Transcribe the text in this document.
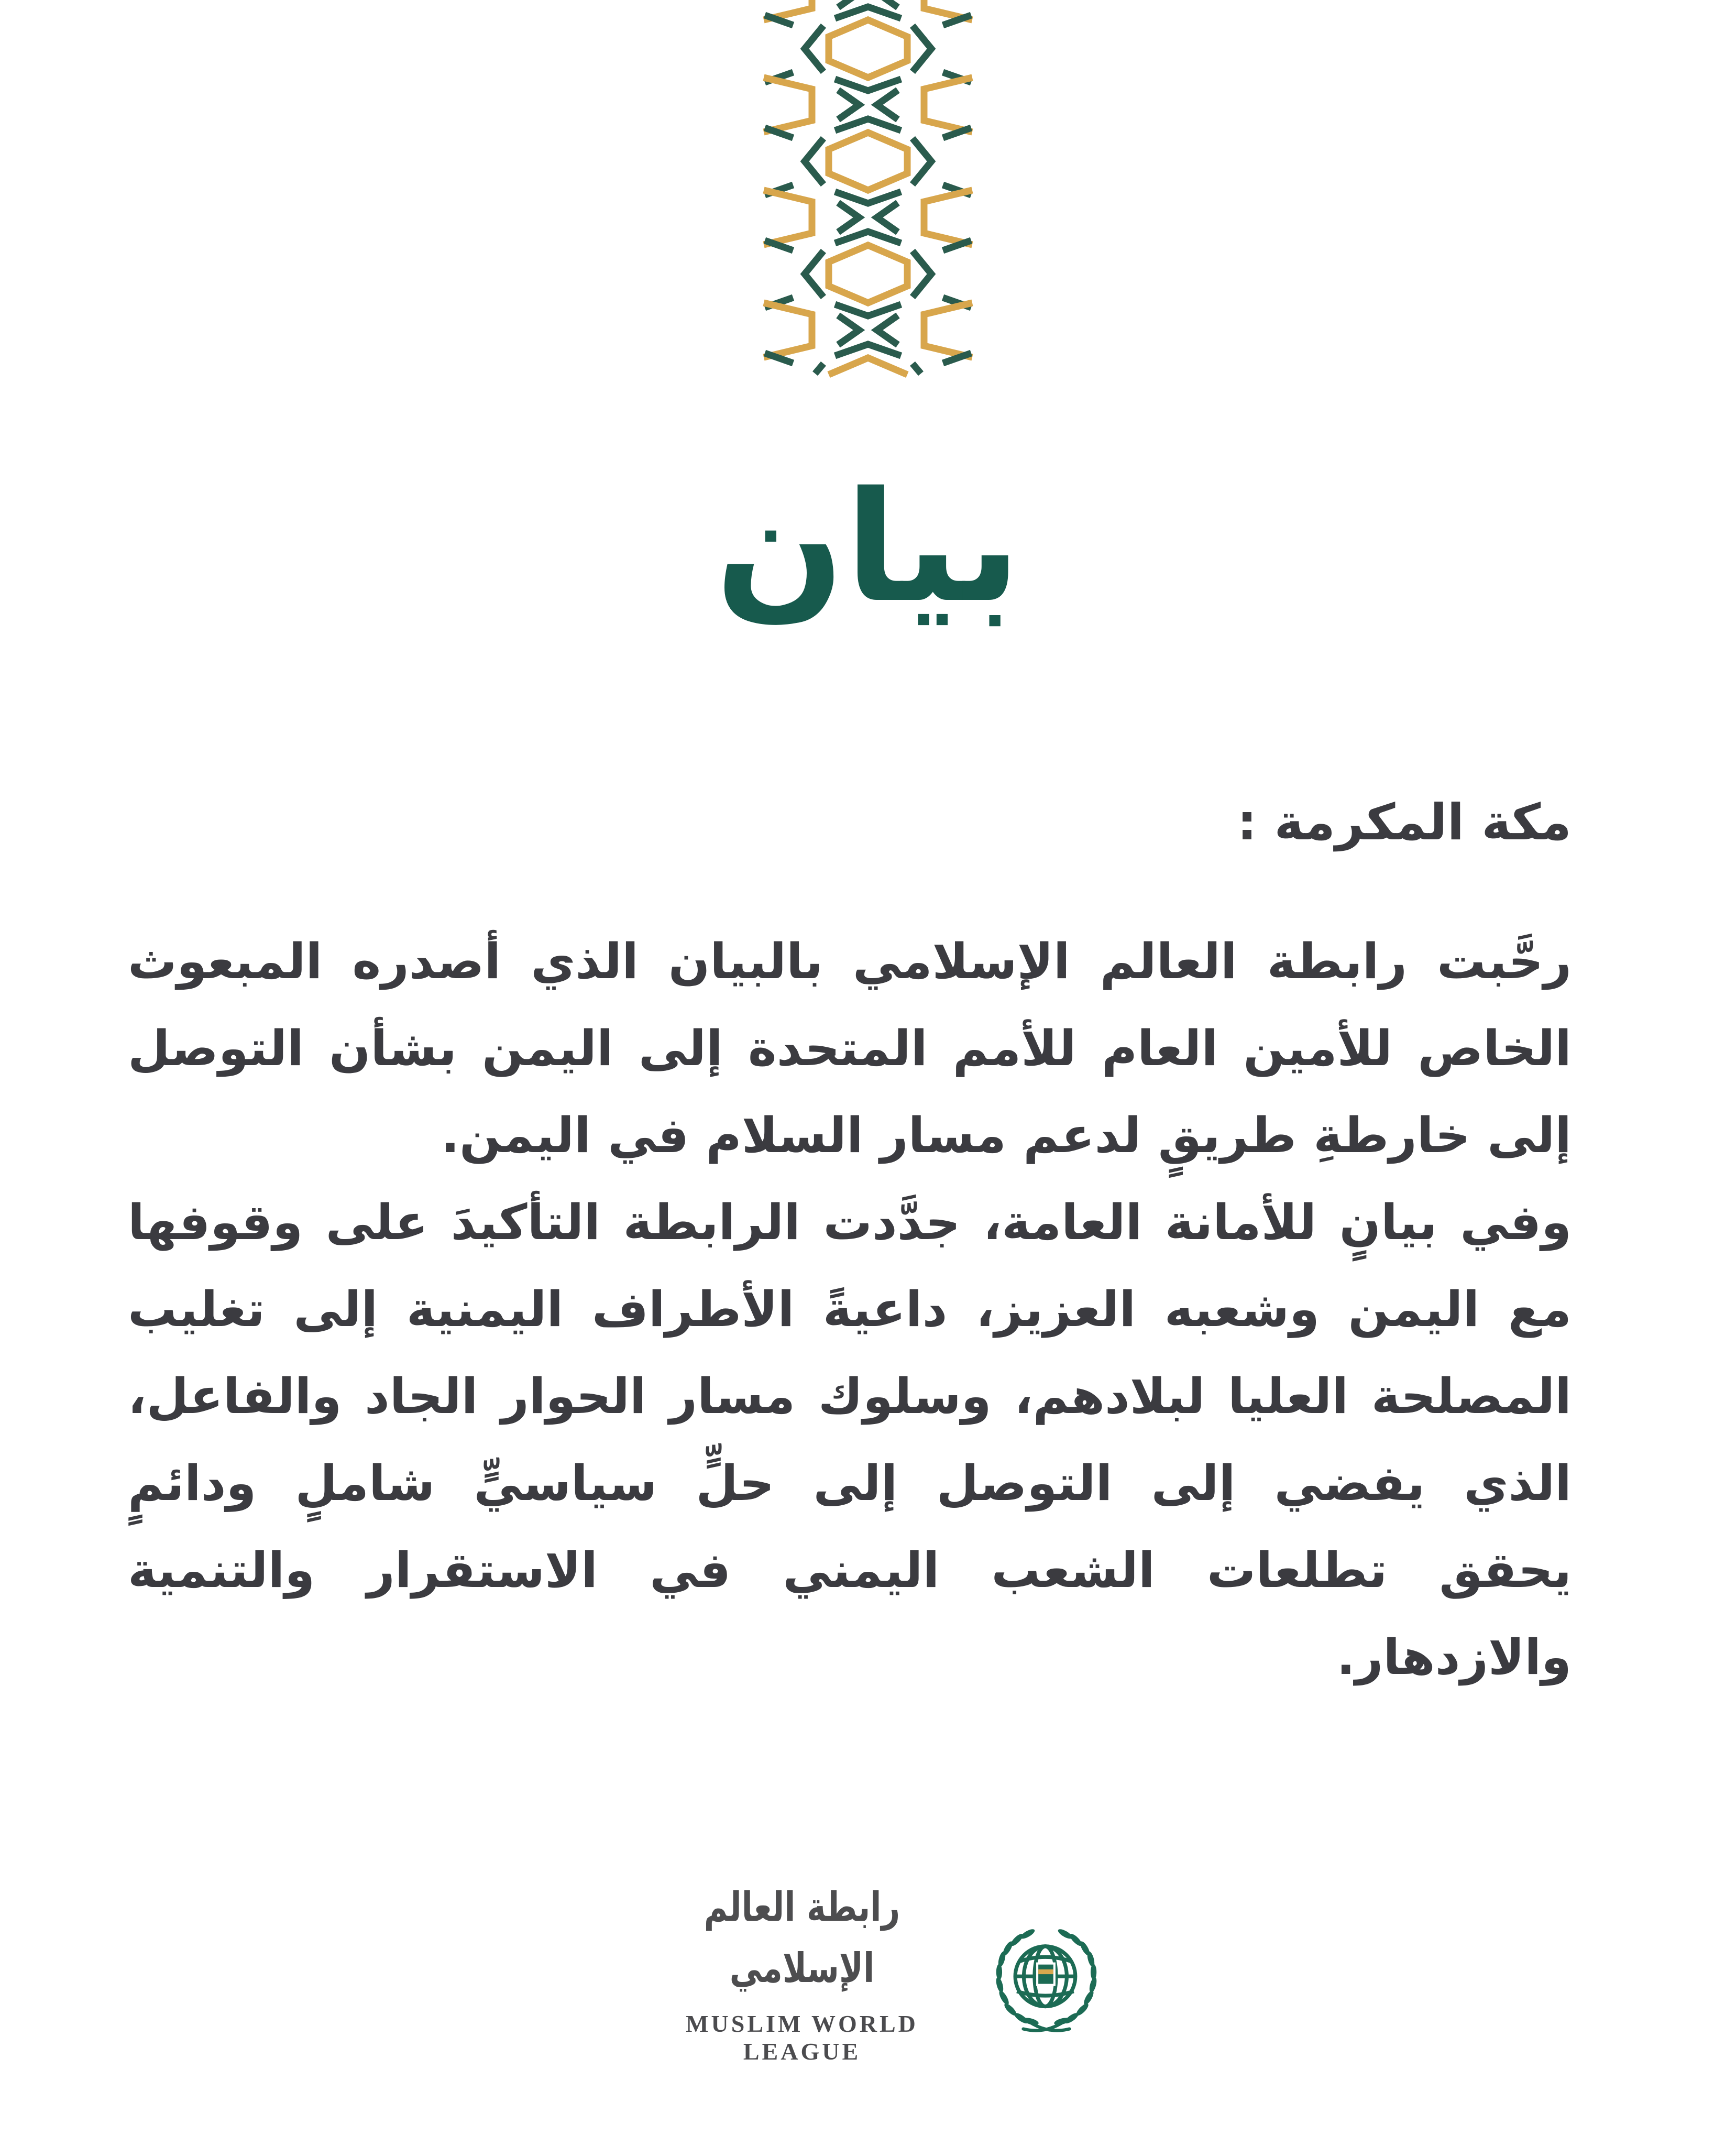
بيان
مكة المكرمة :
رحَّبت رابطة العالم الإسلامي بالبيان الذي أصدره المبعوث
الخاص للأمين العام للأمم المتحدة إلى اليمن بشأن التوصل
إلى خارطةِ طريقٍ لدعم مسار السلام في اليمن.
وفي بيانٍ للأمانة العامة، جدَّدت الرابطة التأكيدَ على وقوفها
مع اليمن وشعبه العزيز، داعيةً الأطراف اليمنية إلى تغليب
المصلحة العليا لبلادهم، وسلوك مسار الحوار الجاد والفاعل،
الذي يفضي إلى التوصل إلى حلٍّ سياسيٍّ شاملٍ ودائمٍ
يحقق تطلعات الشعب اليمني في الاستقرار والتنمية
والازدهار.
رابطة العالم الإسلامي
MUSLIM WORLD LEAGUE
